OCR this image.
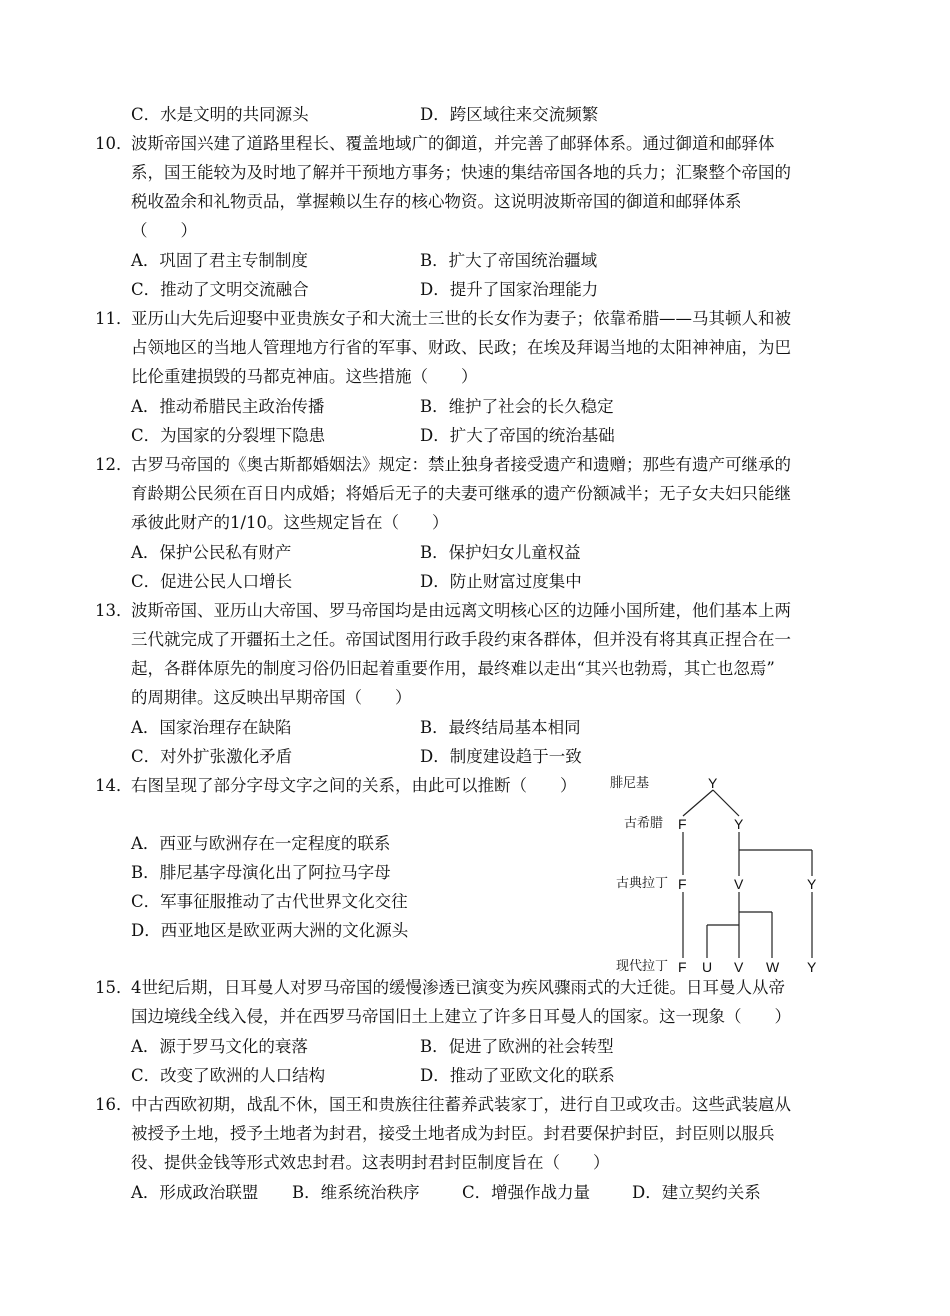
C．水是文明的共同源头	D．跨区域往来交流频繁
10．
波斯帝国兴建了道路里程长、覆盖地域广的御道，并完善了邮驿体系。通过御道和邮驿体
系，国王能较为及时地了解并干预地方事务；快速的集结帝国各地的兵力；汇聚整个帝国的
税收盈余和礼物贡品，掌握赖以生存的核心物资。这说明波斯帝国的御道和邮驿体系
（　　）
A．巩固了君主专制制度	B．扩大了帝国统治疆域
C．推动了文明交流融合	D．提升了国家治理能力
11．
亚历山大先后迎娶中亚贵族女子和大流士三世的长女作为妻子；依靠希腊——马其顿人和被
占领地区的当地人管理地方行省的军事、财政、民政；在埃及拜谒当地的太阳神神庙，为巴
比伦重建损毁的马都克神庙。这些措施（　　）
A．推动希腊民主政治传播	B．维护了社会的长久稳定
C．为国家的分裂埋下隐患	D．扩大了帝国的统治基础
12．
古罗马帝国的《奥古斯都婚姻法》规定：禁止独身者接受遗产和遗赠；那些有遗产可继承的
育龄期公民须在百日内成婚；将婚后无子的夫妻可继承的遗产份额减半；无子女夫妇只能继
承彼此财产的1/10。这些规定旨在（　　）
A．保护公民私有财产	B．保护妇女儿童权益
C．促进公民人口增长	D．防止财富过度集中
13．
波斯帝国、亚历山大帝国、罗马帝国均是由远离文明核心区的边陲小国所建，他们基本上两
三代就完成了开疆拓土之任。帝国试图用行政手段约束各群体，但并没有将其真正捏合在一
起，各群体原先的制度习俗仍旧起着重要作用，最终难以走出“其兴也勃焉，其亡也忽焉”
的周期律。这反映出早期帝国（　　）
A．国家治理存在缺陷	B．最终结局基本相同
C．对外扩张激化矛盾	D．制度建设趋于一致
14．
右图呈现了部分字母文字之间的关系，由此可以推断（　　）
A．西亚与欧洲存在一定程度的联系
B．腓尼基字母演化出了阿拉马字母
C．军事征服推动了古代世界文化交往
D．西亚地区是欧亚两大洲的文化源头
腓尼基
古希腊
古典拉丁
现代拉丁
Y
F	Y
F	V	Y
F U V W Y
15．
4世纪后期，日耳曼人对罗马帝国的缓慢渗透已演变为疾风骤雨式的大迁徙。日耳曼人从帝
国边境线全线入侵，并在西罗马帝国旧土上建立了许多日耳曼人的国家。这一现象（　　）
A．源于罗马文化的衰落	B．促进了欧洲的社会转型
C．改变了欧洲的人口结构	D．推动了亚欧文化的联系
16．
中古西欧初期，战乱不休，国王和贵族往往蓄养武装家丁，进行自卫或攻击。这些武装扈从
被授予土地，授予土地者为封君，接受土地者成为封臣。封君要保护封臣，封臣则以服兵
役、提供金钱等形式效忠封君。这表明封君封臣制度旨在（　　）
A．形成政治联盟 B．维系统治秩序	C．增强作战力量	D．建立契约关系
